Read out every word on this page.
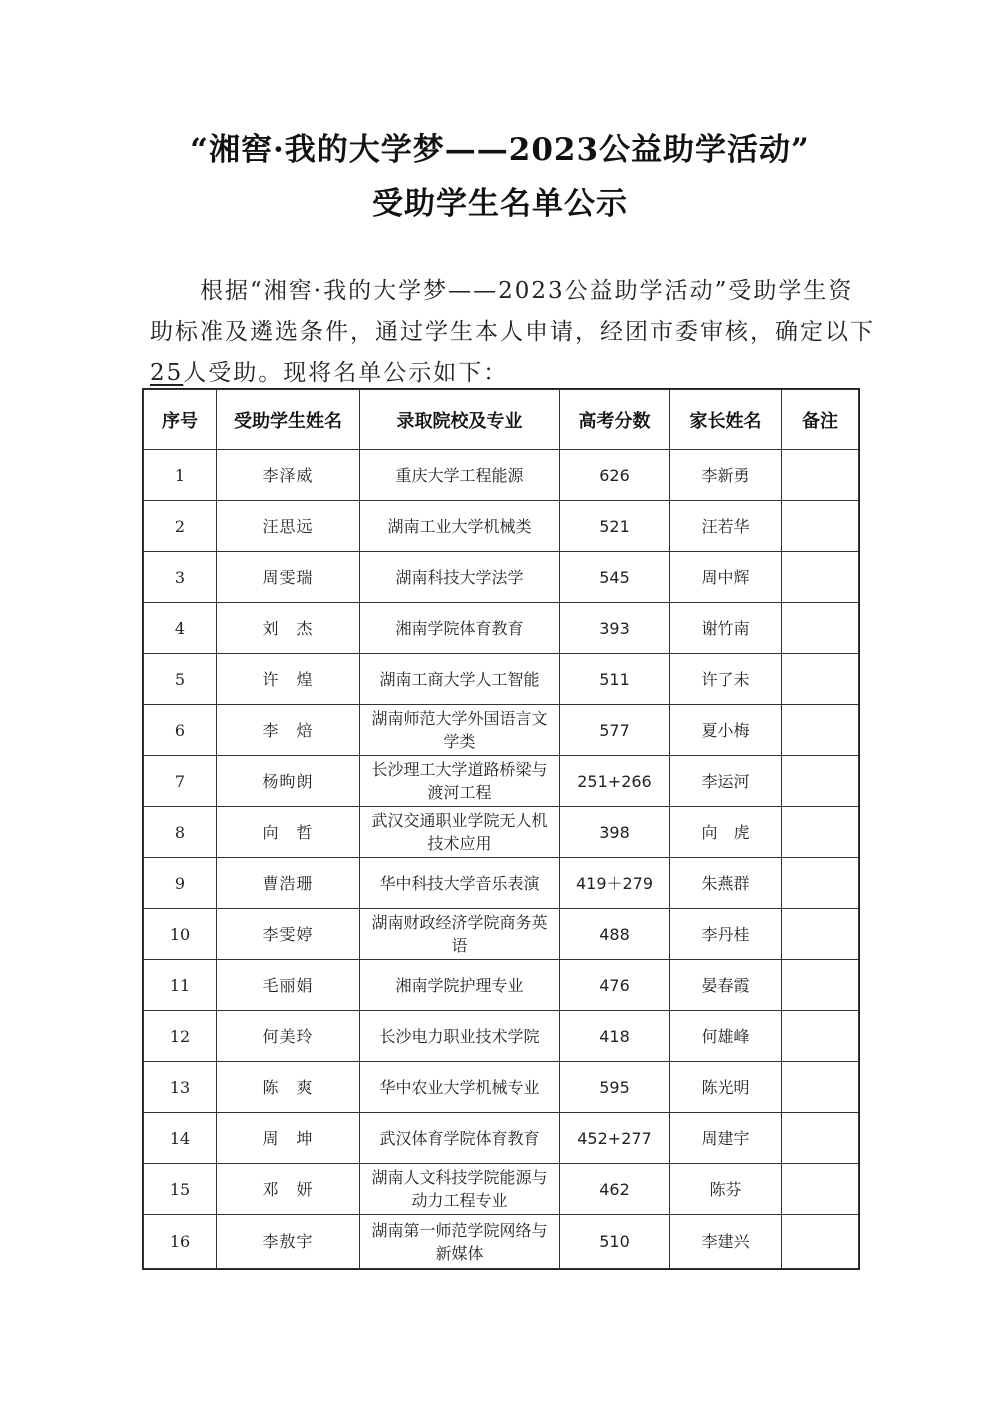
“湘窖·我的大学梦——2023公益助学活动”
受助学生名单公示
根据“湘窖·我的大学梦——2023公益助学活动”受助学生资
助标准及遴选条件，通过学生本人申请，经团市委审核，确定以下
25人受助。现将名单公示如下：
序号	受助学生姓名	录取院校及专业	高考分数	家长姓名	备注
1	李泽威	重庆大学工程能源	626	李新勇	
2	汪思远	湖南工业大学机械类	521	汪若华	
3	周雯瑞	湖南科技大学法学	545	周中辉	
4	刘　杰	湘南学院体育教育	393	谢竹南	
5	许　煌	湖南工商大学人工智能	511	许了未	
6	李　焙	湖南师范大学外国语言文学类	577	夏小梅	
7	杨昫朗	长沙理工大学道路桥梁与渡河工程	251+266	李运河	
8	向　哲	武汉交通职业学院无人机技术应用	398	向　虎	
9	曹浩珊	华中科技大学音乐表演	419＋279	朱燕群	
10	李雯婷	湖南财政经济学院商务英语	488	李丹桂	
11	毛丽娟	湘南学院护理专业	476	晏春霞	
12	何美玲	长沙电力职业技术学院	418	何雄峰	
13	陈　爽	华中农业大学机械专业	595	陈光明	
14	周　坤	武汉体育学院体育教育	452+277	周建宇	
15	邓　妍	湖南人文科技学院能源与动力工程专业	462	陈芬	
16	李敖宇	湖南第一师范学院网络与新媒体	510	李建兴	
